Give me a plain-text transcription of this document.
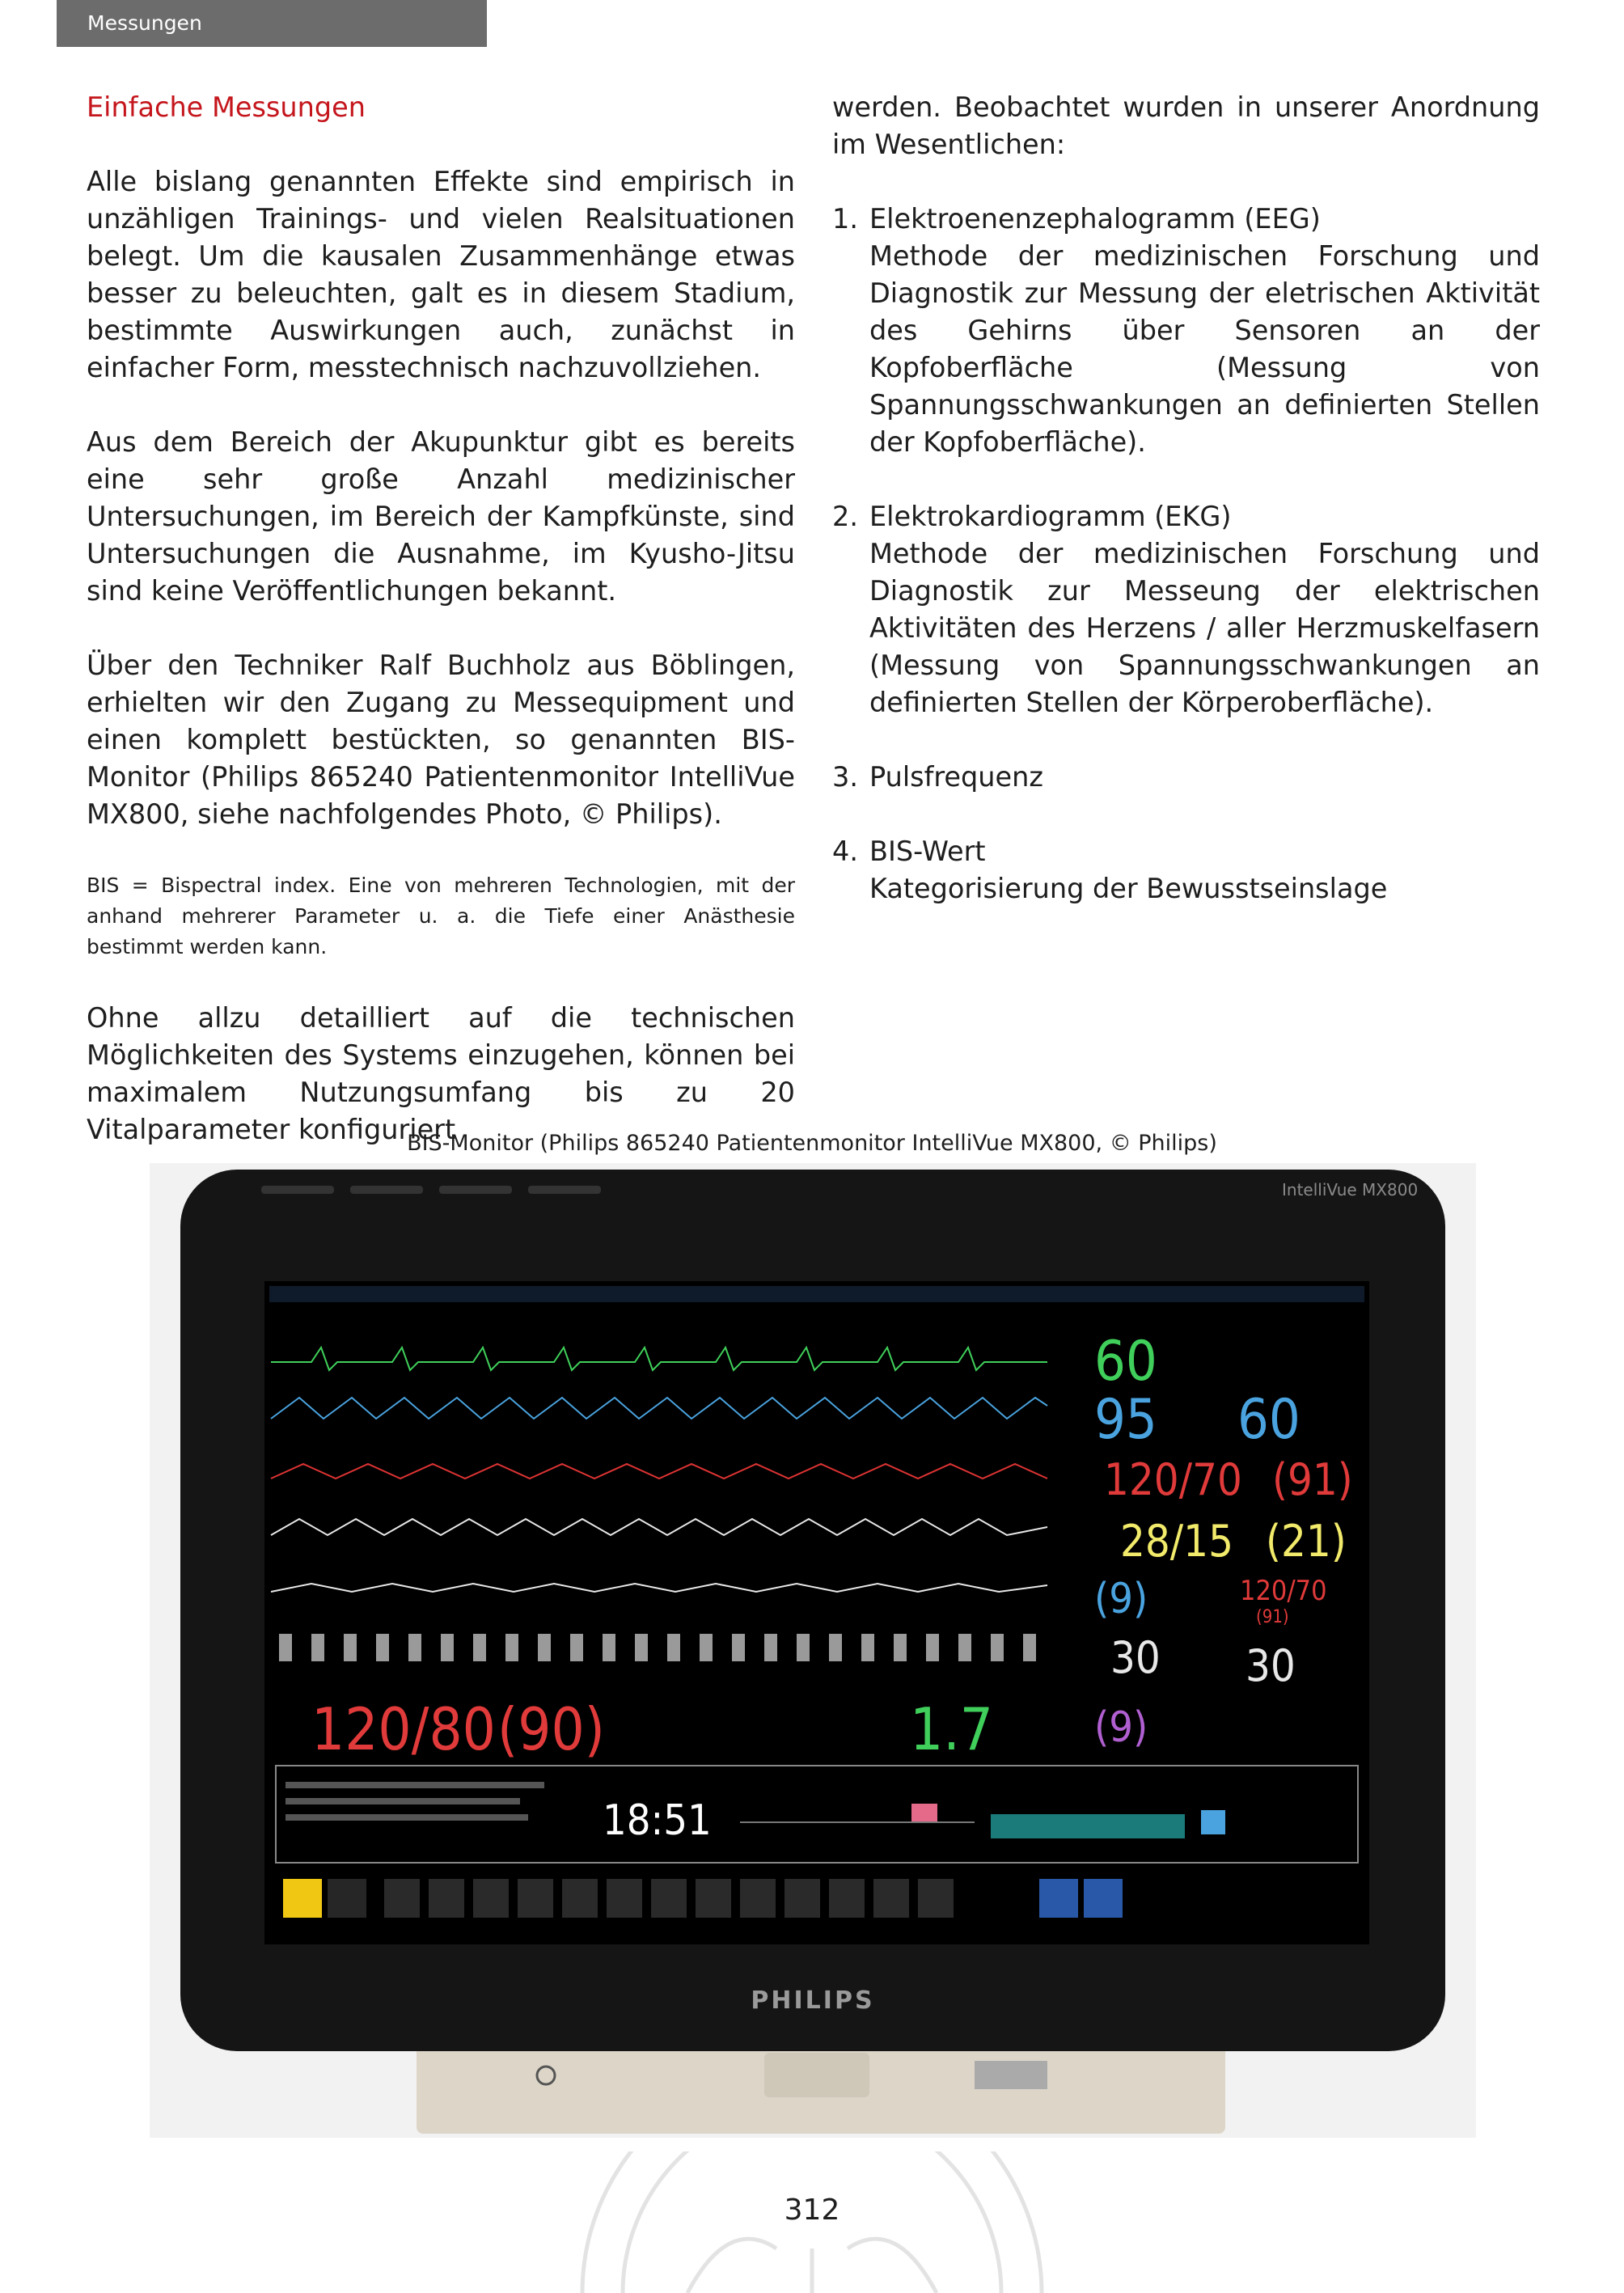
Messungen

Einfache Messungen

Alle bislang genannten Effekte sind empirisch in unzähligen Trainings- und vielen Realsituationen belegt. Um die kausalen Zusammenhänge etwas besser zu beleuchten, galt es in diesem Stadium, bestimmte Auswirkungen auch, zunächst in einfacher Form, messtechnisch nachzuvollziehen.

Aus dem Bereich der Akupunktur gibt es bereits eine sehr große Anzahl medizinischer Untersuchungen, im Bereich der Kampfkünste, sind Untersuchungen die Ausnahme, im Kyusho-Jitsu sind keine Veröffentlichungen bekannt.

Über den Techniker Ralf Buchholz aus Böblingen, erhielten wir den Zugang zu Messequipment und einen komplett bestückten, so genannten BIS-Monitor (Philips 865240 Patientenmonitor IntelliVue MX800, siehe nachfolgendes Photo, © Philips).

BIS = Bispectral index. Eine von mehreren Technologien, mit der anhand mehrerer Parameter u. a. die Tiefe einer Anästhesie bestimmt werden kann.

Ohne allzu detailliert auf die technischen Möglichkeiten des Systems einzugehen, können bei maximalem Nutzungsumfang bis zu 20 Vitalparameter konfiguriert

werden. Beobachtet wurden in unserer Anordnung im Wesentlichen:

1. Elektroenenzephalogramm (EEG)
Methode der medizinischen Forschung und Diagnostik zur Messung der eletrischen Aktivität des Gehirns über Sensoren an der Kopfoberfläche (Messung von Spannungsschwankungen an definierten Stellen der Kopfoberfläche).
2. Elektrokardiogramm (EKG)
Methode der medizinischen Forschung und Diagnostik zur Messeung der elektrischen Aktivitäten des Herzens / aller Herzmuskelfasern (Messung von Spannungsschwankungen an definierten Stellen der Körperoberfläche).
3. Pulsfrequenz
4. BIS-Wert
Kategorisierung der Bewusstseinslage
BIS-Monitor (Philips 865240 Patientenmonitor IntelliVue MX800, © Philips)
IntelliVue MX800
60
95 60
120/70 (91)
28/15 (21)
(9)	120/70
(91)
30 30
120/80 (90)	1.7 (9)
18:51
PHILIPS
312
